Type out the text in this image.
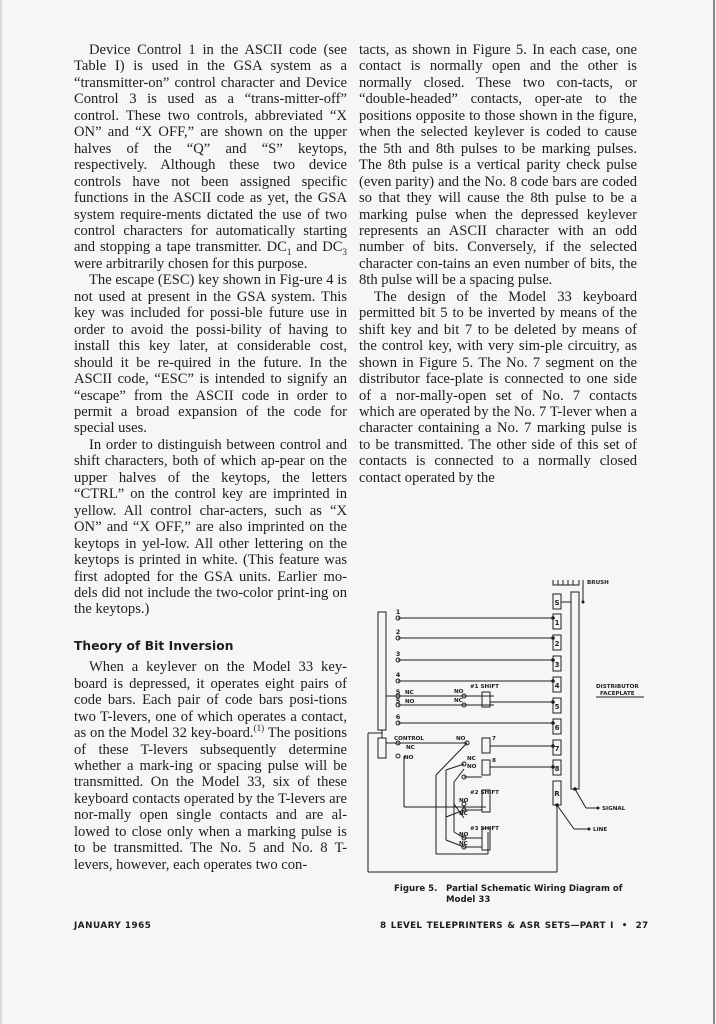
Device Control 1 in the ASCII code (see Table I) is used in the GSA system as a “transmitter-on” control character and Device Control 3 is used as a “trans-mitter-off” control. These two controls, abbreviated “X ON” and “X OFF,” are shown on the upper halves of the “Q” and “S” keytops, respectively. Although these two device controls have not been assigned specific functions in the ASCII code as yet, the GSA system require-ments dictated the use of two control characters for automatically starting and stopping a tape transmitter. $DC_1$ and $DC_3$ were arbitrarily chosen for this purpose.

The escape (ESC) key shown in Fig-ure 4 is not used at present in the GSA system. This key was included for possi-ble future use in order to avoid the possi-bility of having to install this key later, at considerable cost, should it be re-quired in the future. In the ASCII code, “ESC” is intended to signify an “escape” from the ASCII code in order to permit a broad expansion of the code for special uses.

In order to distinguish between control and shift characters, both of which ap-pear on the upper halves of the keytops, the letters “CTRL” on the control key are imprinted in yellow. All control char-acters, such as “X ON” and “X OFF,” are also imprinted on the keytops in yel-low. All other lettering on the keytops is printed in white. (This feature was first adopted for the GSA units. Earlier mo-dels did not include the two-color print-ing on the keytops.)

Theory of Bit Inversion

When a keylever on the Model 33 key-board is depressed, it operates eight pairs of code bars. Each pair of code bars posi-tions two T-levers, one of which operates a contact, as on the Model 32 key-board.$^{(1)}$ The positions of these T-levers subsequently determine whether a mark-ing or spacing pulse will be transmitted. On the Model 33, six of these keyboard contacts operated by the T-levers are nor-mally open single contacts and are al-lowed to close only when a marking pulse is to be transmitted. The No. 5 and No. 8 T-levers, however, each operates two con-

tacts, as shown in Figure 5. In each case, one contact is normally open and the other is normally closed. These two con-tacts, or “double-headed” contacts, oper-ate to the positions opposite to those shown in the figure, when the selected keylever is coded to cause the 5th and 8th pulses to be marking pulses. The 8th pulse is a vertical parity check pulse (even parity) and the No. 8 code bars are coded so that they will cause the 8th pulse to be a marking pulse when the depressed keylever represents an ASCII character with an odd number of bits. Conversely, if the selected character con-tains an even number of bits, the 8th pulse will be a spacing pulse.

The design of the Model 33 keyboard permitted bit 5 to be inverted by means of the shift key and bit 7 to be deleted by means of the control key, with very sim-ple circuitry, as shown in Figure 5. The No. 7 segment on the distributor face-plate is connected to one side of a nor-mally-open set of No. 7 contacts which are operated by the No. 7 T-lever when a character containing a No. 7 marking pulse is to be transmitted. The other side of this set of contacts is connected to a normally closed contact operated by the

S
1
2
3
4
5
6
7
8
R
1
2
3
4
5
5
6
BRUSH
DISTRIBUTOR
FACEPLATE
SIGNAL
LINE
NC
NO
NO
NC
#1 SHIFT
CONTROL
NC
NO
NO	7
8
NC
NO
#2 SHIFT
NO
NC
#3 SHIFT
NO
NC
Figure 5.	Partial Schematic Wiring Diagram of Model 33
JANUARY 1965	8 LEVEL TELEPRINTERS & ASR SETS—PART I • 27
